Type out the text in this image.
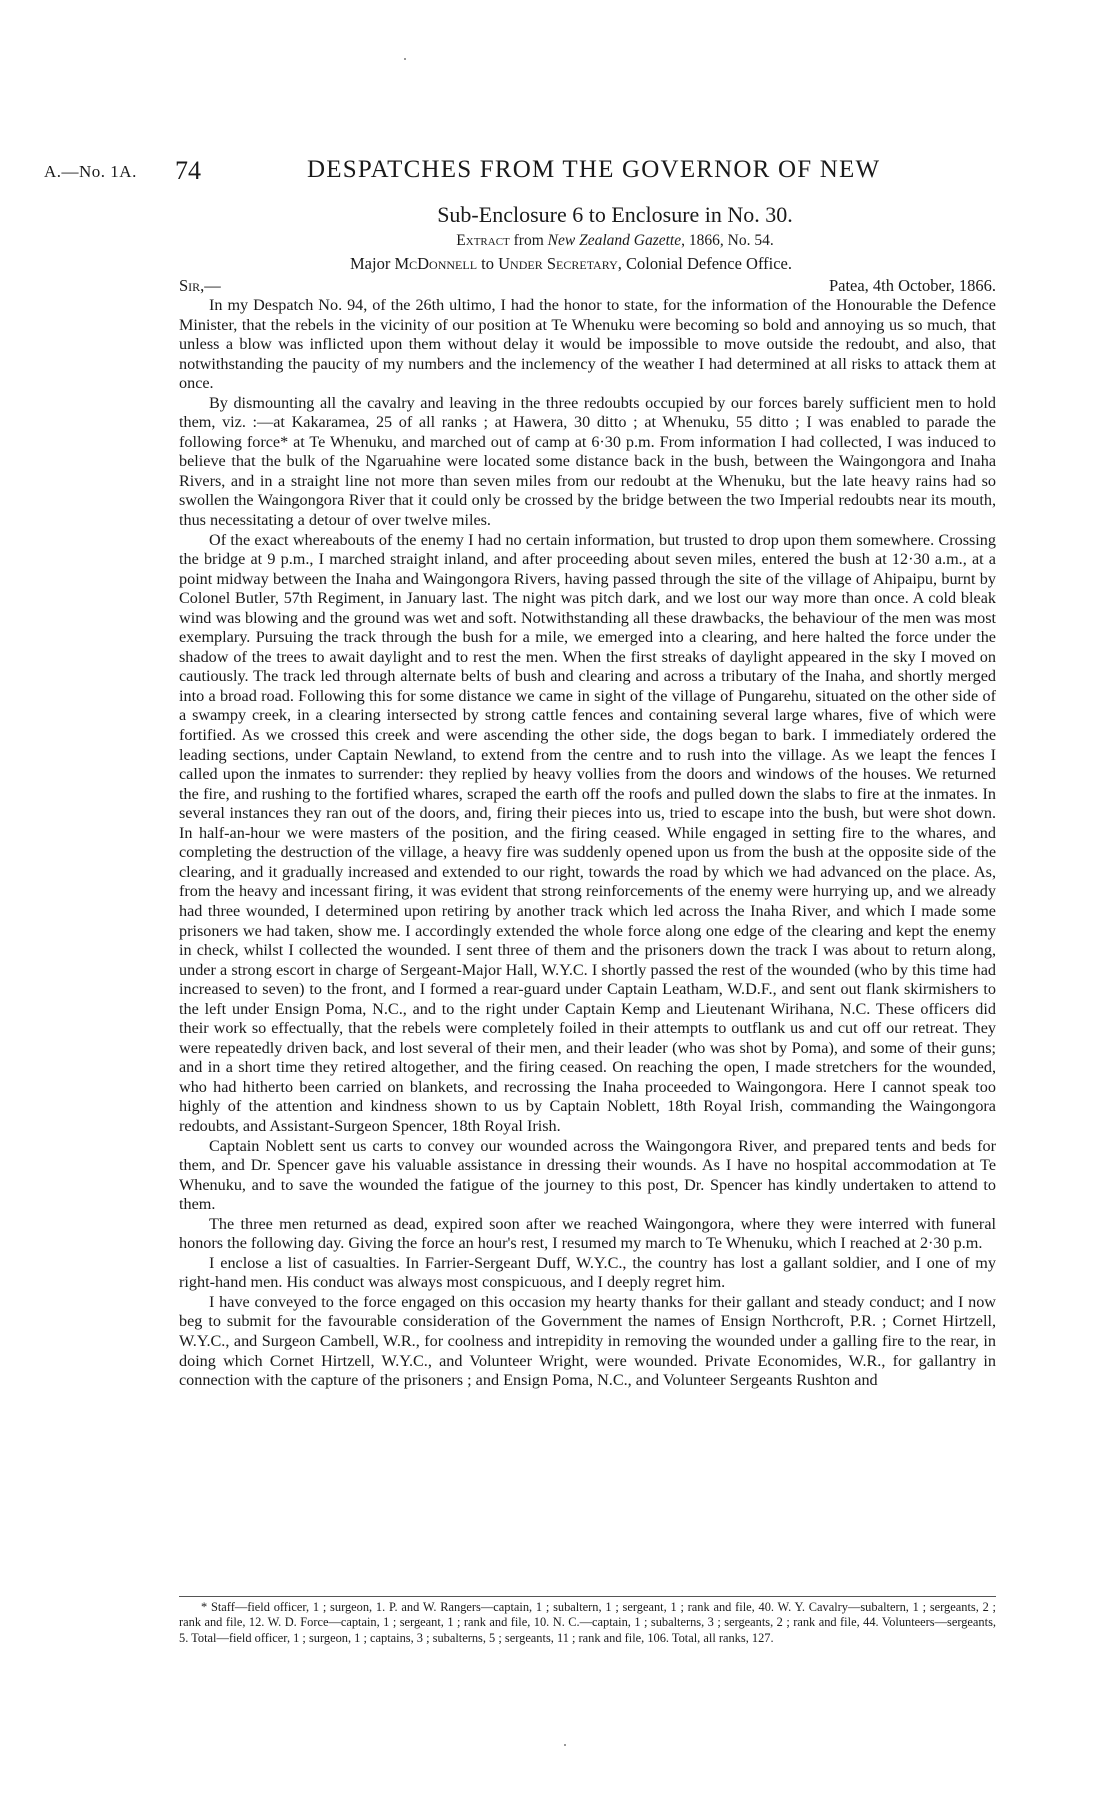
A.—No. 1A. 74	DESPATCHES FROM THE GOVERNOR OF NEW
Sub-Enclosure 6 to Enclosure in No. 30.
Extract from New Zealand Gazette, 1866, No. 54.
Major McDonnell to Under Secretary, Colonial Defence Office.
Sir,—	Patea, 4th October, 1866.

In my Despatch No. 94, of the 26th ultimo, I had the honor to state, for the information of the Honourable the Defence Minister, that the rebels in the vicinity of our position at Te Whenuku were becoming so bold and annoying us so much, that unless a blow was inflicted upon them without delay it would be impossible to move outside the redoubt, and also, that notwithstanding the paucity of my numbers and the inclemency of the weather I had determined at all risks to attack them at once.

By dismounting all the cavalry and leaving in the three redoubts occupied by our forces barely sufficient men to hold them, viz. :—at Kakaramea, 25 of all ranks ; at Hawera, 30 ditto ; at Whenuku, 55 ditto ; I was enabled to parade the following force* at Te Whenuku, and marched out of camp at 6·30 p.m. From information I had collected, I was induced to believe that the bulk of the Ngaruahine were located some distance back in the bush, between the Waingongora and Inaha Rivers, and in a straight line not more than seven miles from our redoubt at the Whenuku, but the late heavy rains had so swollen the Waingongora River that it could only be crossed by the bridge between the two Imperial redoubts near its mouth, thus necessitating a detour of over twelve miles.

Of the exact whereabouts of the enemy I had no certain information, but trusted to drop upon them somewhere. Crossing the bridge at 9 p.m., I marched straight inland, and after proceeding about seven miles, entered the bush at 12·30 a.m., at a point midway between the Inaha and Waingongora Rivers, having passed through the site of the village of Ahipaipu, burnt by Colonel Butler, 57th Regiment, in January last. The night was pitch dark, and we lost our way more than once. A cold bleak wind was blowing and the ground was wet and soft. Notwithstanding all these drawbacks, the behaviour of the men was most exemplary. Pursuing the track through the bush for a mile, we emerged into a clearing, and here halted the force under the shadow of the trees to await daylight and to rest the men. When the first streaks of daylight appeared in the sky I moved on cautiously. The track led through alternate belts of bush and clearing and across a tributary of the Inaha, and shortly merged into a broad road. Following this for some distance we came in sight of the village of Pungarehu, situated on the other side of a swampy creek, in a clearing intersected by strong cattle fences and containing several large whares, five of which were fortified. As we crossed this creek and were ascending the other side, the dogs began to bark. I immediately ordered the leading sections, under Captain Newland, to extend from the centre and to rush into the village. As we leapt the fences I called upon the inmates to surrender: they replied by heavy vollies from the doors and windows of the houses. We returned the fire, and rushing to the fortified whares, scraped the earth off the roofs and pulled down the slabs to fire at the inmates. In several instances they ran out of the doors, and, firing their pieces into us, tried to escape into the bush, but were shot down. In half-an-hour we were masters of the position, and the firing ceased. While engaged in setting fire to the whares, and completing the destruction of the village, a heavy fire was suddenly opened upon us from the bush at the opposite side of the clearing, and it gradually increased and extended to our right, towards the road by which we had advanced on the place. As, from the heavy and incessant firing, it was evident that strong reinforcements of the enemy were hurrying up, and we already had three wounded, I determined upon retiring by another track which led across the Inaha River, and which I made some prisoners we had taken, show me. I accordingly extended the whole force along one edge of the clearing and kept the enemy in check, whilst I collected the wounded. I sent three of them and the prisoners down the track I was about to return along, under a strong escort in charge of Sergeant-Major Hall, W.Y.C. I shortly passed the rest of the wounded (who by this time had increased to seven) to the front, and I formed a rear-guard under Captain Leatham, W.D.F., and sent out flank skirmishers to the left under Ensign Poma, N.C., and to the right under Captain Kemp and Lieutenant Wirihana, N.C. These officers did their work so effectually, that the rebels were completely foiled in their attempts to outflank us and cut off our retreat. They were repeatedly driven back, and lost several of their men, and their leader (who was shot by Poma), and some of their guns; and in a short time they retired altogether, and the firing ceased. On reaching the open, I made stretchers for the wounded, who had hitherto been carried on blankets, and recrossing the Inaha proceeded to Waingongora. Here I cannot speak too highly of the attention and kindness shown to us by Captain Noblett, 18th Royal Irish, commanding the Waingongora redoubts, and Assistant-Surgeon Spencer, 18th Royal Irish.

Captain Noblett sent us carts to convey our wounded across the Waingongora River, and prepared tents and beds for them, and Dr. Spencer gave his valuable assistance in dressing their wounds. As I have no hospital accommodation at Te Whenuku, and to save the wounded the fatigue of the journey to this post, Dr. Spencer has kindly undertaken to attend to them.

The three men returned as dead, expired soon after we reached Waingongora, where they were interred with funeral honors the following day. Giving the force an hour's rest, I resumed my march to Te Whenuku, which I reached at 2·30 p.m.

I enclose a list of casualties. In Farrier-Sergeant Duff, W.Y.C., the country has lost a gallant soldier, and I one of my right-hand men. His conduct was always most conspicuous, and I deeply regret him.

I have conveyed to the force engaged on this occasion my hearty thanks for their gallant and steady conduct; and I now beg to submit for the favourable consideration of the Government the names of Ensign Northcroft, P.R. ; Cornet Hirtzell, W.Y.C., and Surgeon Cambell, W.R., for coolness and intrepidity in removing the wounded under a galling fire to the rear, in doing which Cornet Hirtzell, W.Y.C., and Volunteer Wright, were wounded. Private Economides, W.R., for gallantry in connection with the capture of the prisoners ; and Ensign Poma, N.C., and Volunteer Sergeants Rushton and

* Staff—field officer, 1 ; surgeon, 1. P. and W. Rangers—captain, 1 ; subaltern, 1 ; sergeant, 1 ; rank and file, 40. W. Y. Cavalry—subaltern, 1 ; sergeants, 2 ; rank and file, 12. W. D. Force—captain, 1 ; sergeant, 1 ; rank and file, 10. N. C.—captain, 1 ; subalterns, 3 ; sergeants, 2 ; rank and file, 44. Volunteers—sergeants, 5. Total—field officer, 1 ; surgeon, 1 ; captains, 3 ; subalterns, 5 ; sergeants, 11 ; rank and file, 106. Total, all ranks, 127.
